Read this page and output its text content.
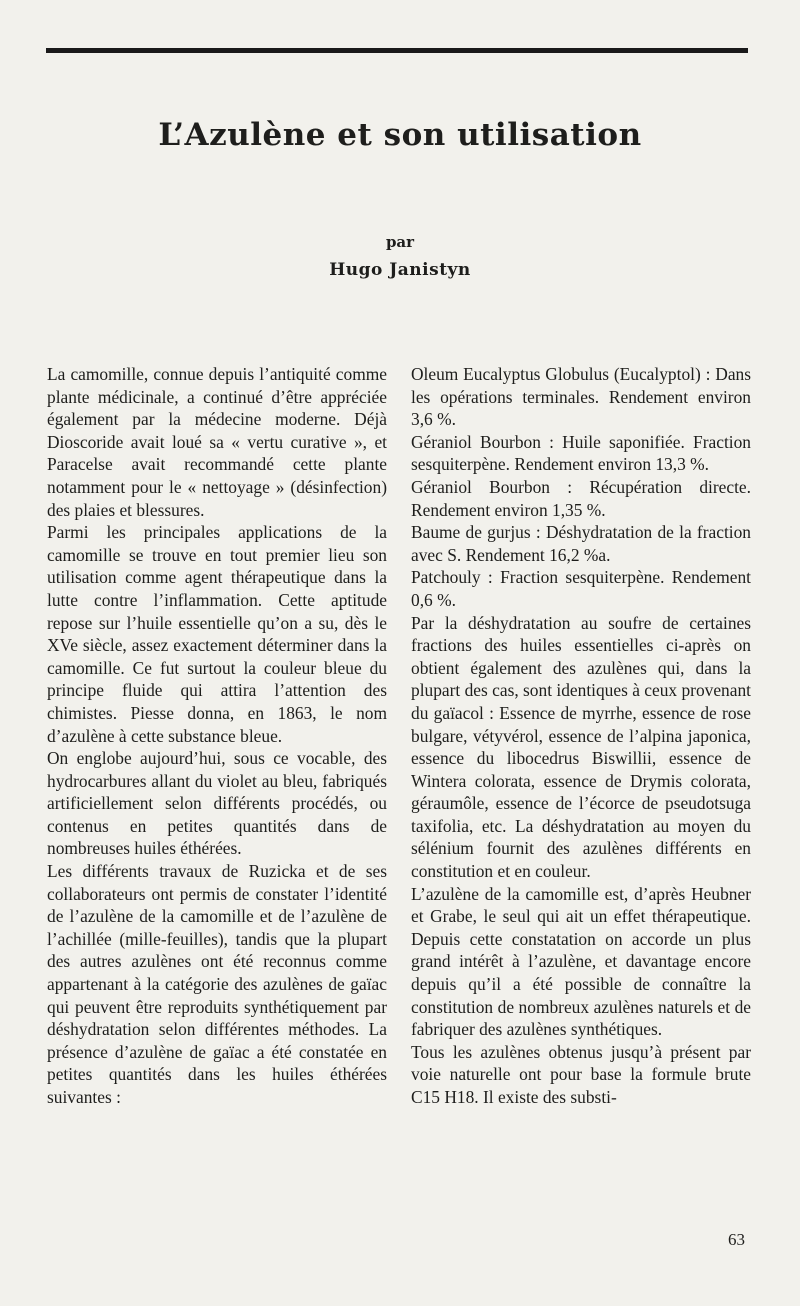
L’Azulène et son utilisation
par
Hugo Janistyn

La camomille, connue depuis l’antiquité comme plante médicinale, a continué d’être appréciée également par la médecine moderne. Déjà Dioscoride avait loué sa « vertu curative », et Paracelse avait recommandé cette plante notamment pour le « nettoyage » (désinfection) des plaies et blessures.

Parmi les principales applications de la camomille se trouve en tout premier lieu son utilisation comme agent thérapeutique dans la lutte contre l’inflammation. Cette aptitude repose sur l’huile essentielle qu’on a su, dès le XVe siècle, assez exactement déterminer dans la camomille. Ce fut surtout la couleur bleue du principe fluide qui attira l’attention des chimistes. Piesse donna, en 1863, le nom d’azulène à cette substance bleue.

On englobe aujourd’hui, sous ce vocable, des hydrocarbures allant du violet au bleu, fabriqués artificiellement selon différents procédés, ou contenus en petites quantités dans de nombreuses huiles éthérées.

Les différents travaux de Ruzicka et de ses collaborateurs ont permis de constater l’identité de l’azulène de la camomille et de l’azulène de l’achillée (mille-feuilles), tandis que la plupart des autres azulènes ont été reconnus comme appartenant à la catégorie des azulènes de gaïac qui peuvent être reproduits synthétiquement par déshydratation selon différentes méthodes. La présence d’azulène de gaïac a été constatée en petites quantités dans les huiles éthérées suivantes :

Oleum Eucalyptus Globulus (Eucalyptol) : Dans les opérations terminales. Rendement environ 3,6 %.

Géraniol Bourbon : Huile saponifiée. Fraction sesquiterpène. Rendement environ 13,3 %.

Géraniol Bourbon : Récupération directe. Rendement environ 1,35 %.

Baume de gurjus : Déshydratation de la fraction avec S. Rendement 16,2 %a.

Patchouly : Fraction sesquiterpène. Rendement 0,6 %.

Par la déshydratation au soufre de certaines fractions des huiles essentielles ci-après on obtient également des azulènes qui, dans la plupart des cas, sont identiques à ceux provenant du gaïacol : Essence de myrrhe, essence de rose bulgare, vétyvérol, essence de l’alpina japonica, essence du libocedrus Biswillii, essence de Wintera colorata, essence de Drymis colorata, géraumôle, essence de l’écorce de pseudotsuga taxifolia, etc. La déshydratation au moyen du sélénium fournit des azulènes différents en constitution et en couleur.

L’azulène de la camomille est, d’après Heubner et Grabe, le seul qui ait un effet thérapeutique. Depuis cette constatation on accorde un plus grand intérêt à l’azulène, et davantage encore depuis qu’il a été possible de connaître la constitution de nombreux azulènes naturels et de fabriquer des azulènes synthétiques.

Tous les azulènes obtenus jusqu’à présent par voie naturelle ont pour base la formule brute C15 H18. Il existe des substi-

63
